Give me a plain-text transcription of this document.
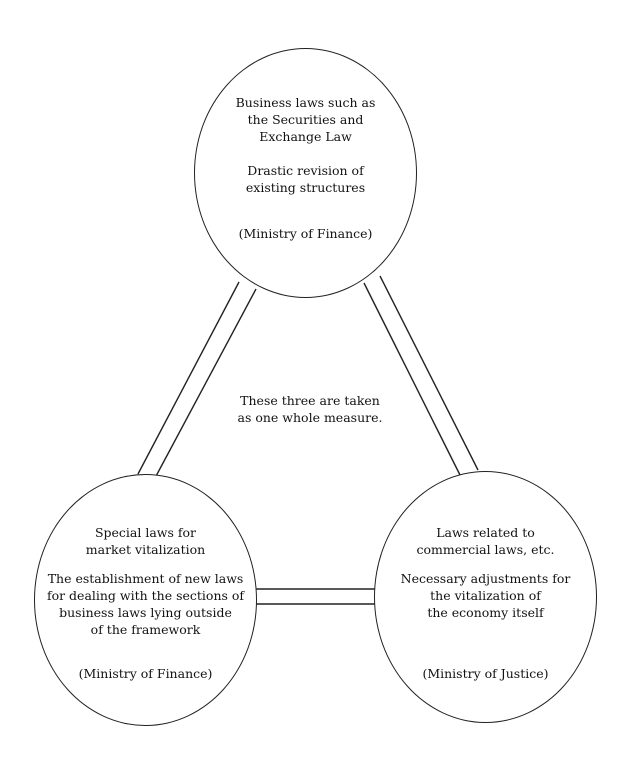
Business laws such as
the Securities and
Exchange Law
Drastic revision of
existing structures
(Ministry of Finance)
These three are taken
as one whole measure.
Special laws for
market vitalization
The establishment of new laws
for dealing with the sections of
business laws lying outside
of the framework
(Ministry of Finance)
Laws related to
commercial laws, etc.
Necessary adjustments for
the vitalization of
the economy itself
(Ministry of Justice)
